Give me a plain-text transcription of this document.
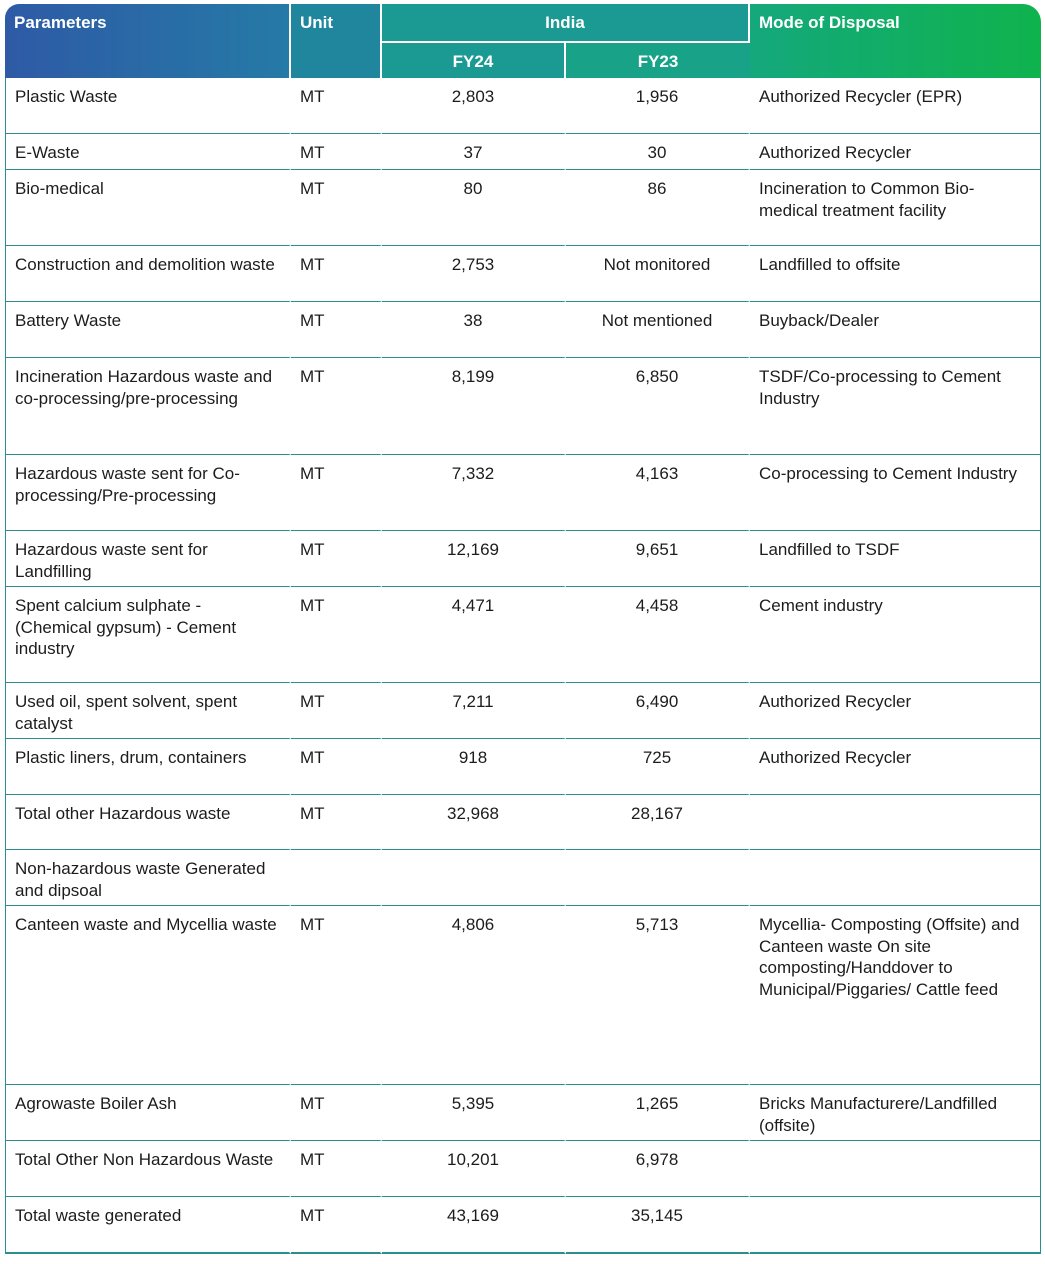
Parameters	Unit	India		Mode of Disposal
		FY24	FY23	
Plastic Waste	MT	2,803	1,956	Authorized Recycler (EPR)
E-Waste	MT	37	30	Authorized Recycler
Bio-medical	MT	80	86	Incineration to Common Bio-medical treatment facility
Construction and demolition waste	MT	2,753	Not monitored	Landfilled to offsite
Battery Waste	MT	38	Not mentioned	Buyback/Dealer
Incineration Hazardous waste and co-processing/pre-processing	MT	8,199	6,850	TSDF/Co-processing to Cement Industry
Hazardous waste sent for Co-processing/Pre-processing	MT	7,332	4,163	Co-processing to Cement Industry
Hazardous waste sent for Landfilling	MT	12,169	9,651	Landfilled to TSDF
Spent calcium sulphate - (Chemical gypsum) - Cement industry	MT	4,471	4,458	Cement industry
Used oil, spent solvent, spent catalyst	MT	7,211	6,490	Authorized Recycler
Plastic liners, drum, containers	MT	918	725	Authorized Recycler
Total other Hazardous waste	MT	32,968	28,167	
Non-hazardous waste Generated and dipsoal				
Canteen waste and Mycellia waste	MT	4,806	5,713	Mycellia- Composting (Offsite) and Canteen waste On site composting/Handdover to Municipal/Piggaries/ Cattle feed
Agrowaste Boiler Ash	MT	5,395	1,265	Bricks Manufacturere/Landfilled (offsite)
Total Other Non Hazardous Waste	MT	10,201	6,978	
Total waste generated	MT	43,169	35,145	
